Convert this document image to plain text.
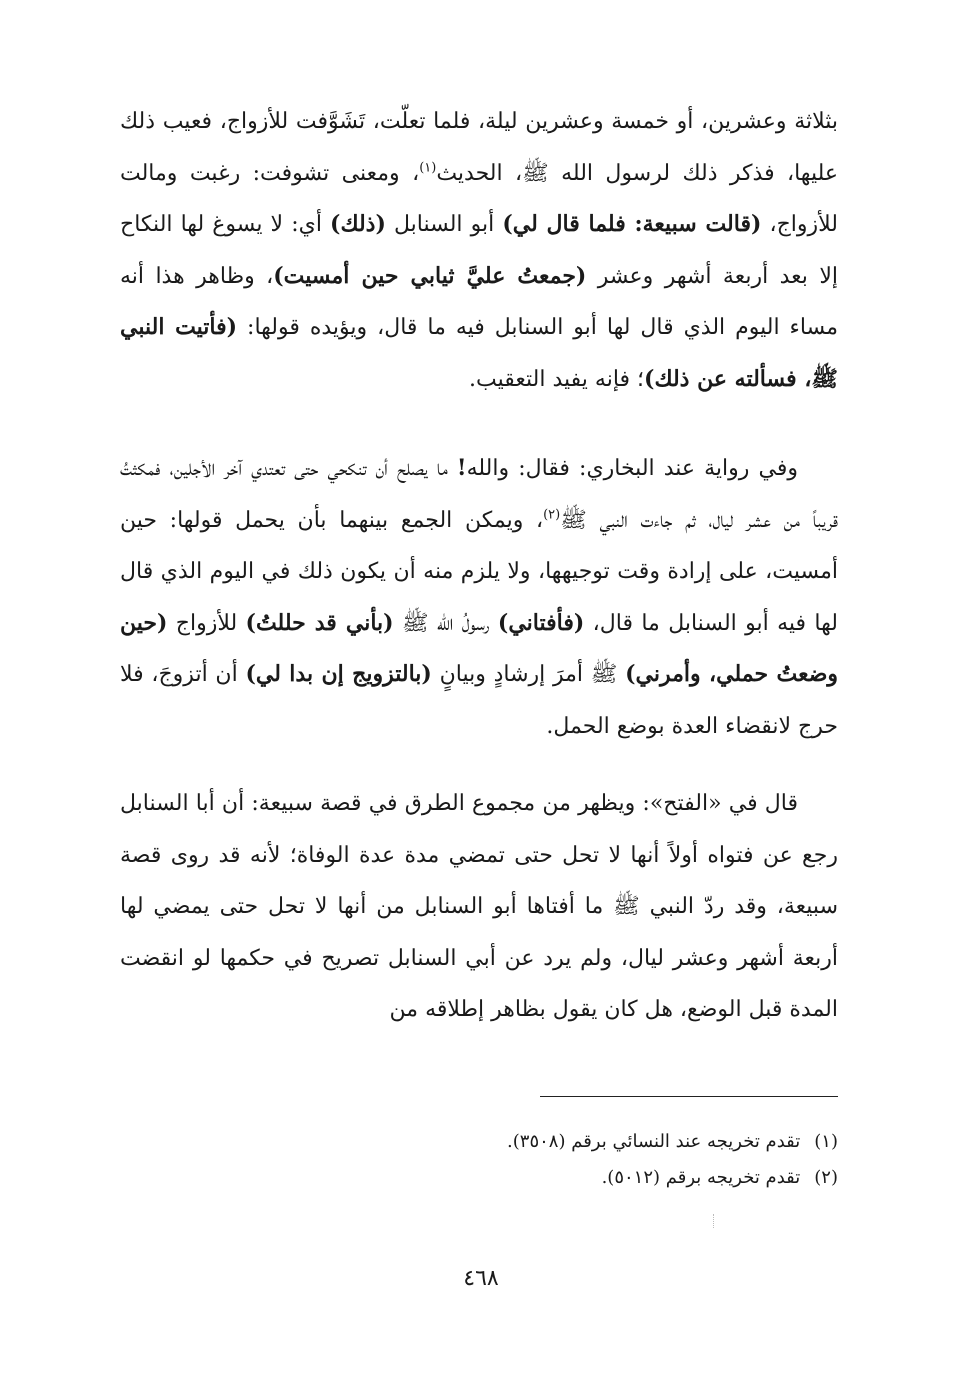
بثلاثة وعشرين، أو خمسة وعشرين ليلة، فلما تعلّت، تَشَوَّفت للأزواج، فعيب ذلك عليها، فذكر ذلك لرسول الله ﷺ، الحديث$^{(١)}$، ومعنى تشوفت: رغبت ومالت للأزواج، (قالت سبيعة: فلما قال لي) أبو السنابل (ذلك) أي: لا يسوغ لها النكاح إلا بعد أربعة أشهر وعشر (جمعتُ عليَّ ثيابي حين أمسيت)، وظاهر هذا أنه مساء اليوم الذي قال لها أبو السنابل فيه ما قال، ويؤيده قولها: (فأتيت النبي ﷺ، فسألته عن ذلك)؛ فإنه يفيد التعقيب.

وفي رواية عند البخاري: فقال: والله! ما يصلح أن تنكحي حتى تعتدي آخر الأجلين، فمكثتُ قريباً من عشر ليال، ثم جاءت النبي ﷺ$^{(٢)}$، ويمكن الجمع بينهما بأن يحمل قولها: حين أمسيت، على إرادة وقت توجيهها، ولا يلزم منه أن يكون ذلك في اليوم الذي قال لها فيه أبو السنابل ما قال، (فأفتاني) رسولُ الله ﷺ (بأني قد حللتُ) للأزواج (حين وضعتُ حملي، وأمرني) ﷺ أمرَ إرشادٍ وبيانٍ (بالتزويج إن بدا لي) أن أتزوجَ، فلا حرج لانقضاء العدة بوضع الحمل.

قال في «الفتح»: ويظهر من مجموع الطرق في قصة سبيعة: أن أبا السنابل رجع عن فتواه أولاً أنها لا تحل حتى تمضي مدة عدة الوفاة؛ لأنه قد روى قصة سبيعة، وقد ردّ النبي ﷺ ما أفتاها أبو السنابل من أنها لا تحل حتى يمضي لها أربعة أشهر وعشر ليال، ولم يرد عن أبي السنابل تصريح في حكمها لو انقضت المدة قبل الوضع، هل كان يقول بظاهر إطلاقه من

(١)تقدم تخريجه عند النسائي برقم (٣٥٠٨).
(٢)تقدم تخريجه برقم (٥٠١٢).
٤٦٨
